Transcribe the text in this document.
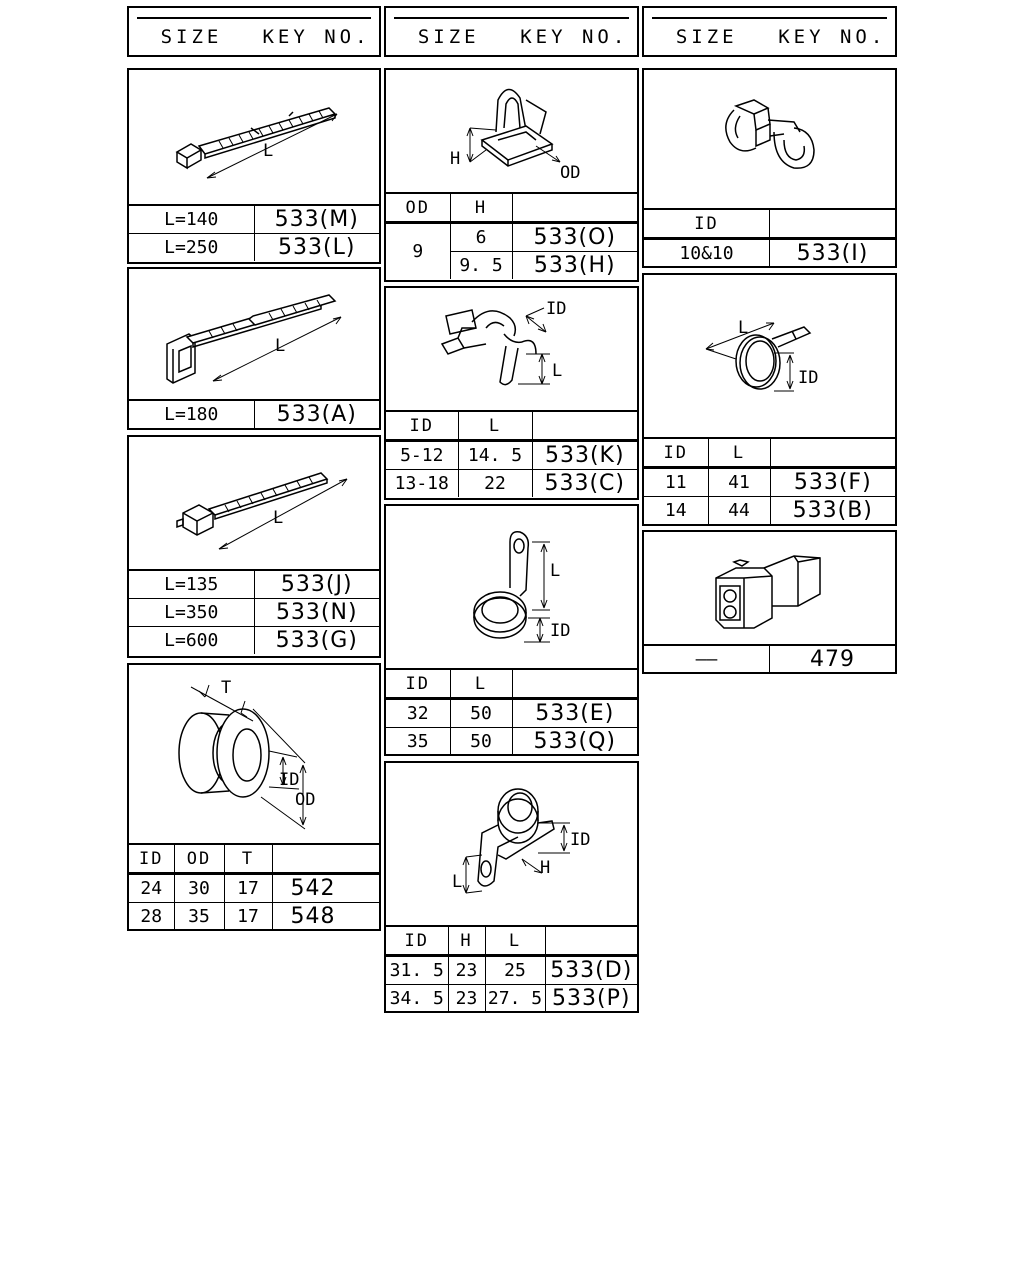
SIZE	KEY NO.	SIZE	KEY NO.	SIZE	KEY NO.
L
L=140	533(M)
L=250	533(L)
L
L=180	533(A)
L
L=135	533(J)
L=350	533(N)
L=600	533(G)
T
ID
OD
ID	OD	T	
24	30	17	542
28	35	17	548
H
OD
OD	H	
9	6	533(O)
	9. 5	533(H)
ID
L
ID	L	
5-12	14. 5	533(K)
13-18	22	533(C)
L
ID
ID	L	
32	50	533(E)
35	50	533(Q)
ID
H
L
ID	H	L	
31. 5	23	25	533(D)
34. 5	23	27. 5	533(P)
ID	
10&10	533(I)
L
ID
ID	L	
11	41	533(F)
14	44	533(B)
——	479
